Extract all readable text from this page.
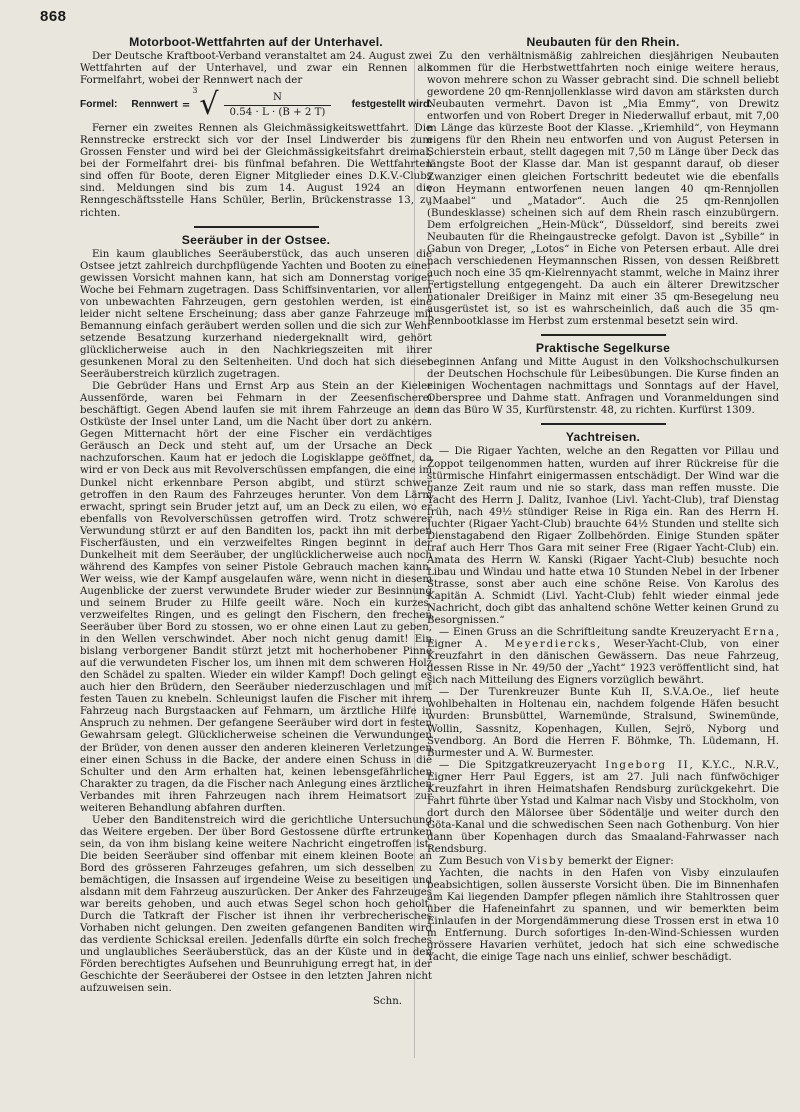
868
Motorboot-Wettfahrten auf der Unterhavel.

Der Deutsche Kraftboot-Verband veranstaltet am 24. August zwei Wettfahrten auf der Unterhavel, und zwar ein Rennen als Formelfahrt, wobei der Rennwert nach der

Formel: Rennwert =
3 √ $\frac{N}{0.54 \cdot L \cdot (B + 2 T)}$ festgestellt wird.

Ferner ein zweites Rennen als Gleichmässigkeitswettfahrt. Die Rennstrecke erstreckt sich vor der Insel Lindwerder bis zum Grossen Fenster und wird bei der Gleichmässigkeitsfahrt dreimal, bei der Formelfahrt drei- bis fünfmal befahren. Die Wettfahrten sind offen für Boote, deren Eigner Mitglieder eines D.K.V.-Clubs sind. Meldungen sind bis zum 14. August 1924 an die Renngeschäftsstelle Hans Schüler, Berlin, Brückenstrasse 13, zu richten.

Seeräuber in der Ostsee.

Ein kaum glaubliches Seeräuberstück, das auch unseren die Ostsee jetzt zahlreich durchpflügende Yachten und Booten zu einer gewissen Vorsicht mahnen kann, hat sich am Donnerstag voriger Woche bei Fehmarn zugetragen. Dass Schiffsinventarien, vor allem von unbewachten Fahrzeugen, gern gestohlen werden, ist eine leider nicht seltene Erscheinung; dass aber ganze Fahrzeuge mit Bemannung einfach geräubert werden sollen und die sich zur Wehr setzende Besatzung kurzerhand niedergeknallt wird, gehört glücklicherweise auch in den Nachkriegszeiten mit ihrer gesunkenen Moral zu den Seltenheiten. Und doch hat sich dieser Seeräuberstreich kürzlich zugetragen.

Die Gebrüder Hans und Ernst Arp aus Stein an der Kieler Aussenförde, waren bei Fehmarn in der Zeesenfischerei beschäftigt. Gegen Abend laufen sie mit ihrem Fahrzeuge an der Ostküste der Insel unter Land, um die Nacht über dort zu ankern. Gegen Mitternacht hört der eine Fischer ein verdächtiges Geräusch an Deck und steht auf, um der Ursache an Deck nachzuforschen. Kaum hat er jedoch die Logisklappe geöffnet, da wird er von Deck aus mit Revolverschüssen empfangen, die eine im Dunkel nicht erkennbare Person abgibt, und stürzt schwer getroffen in den Raum des Fahrzeuges herunter. Von dem Lärm erwacht, springt sein Bruder jetzt auf, um an Deck zu eilen, wo er ebenfalls von Revolverschüssen getroffen wird. Trotz schwerer Verwundung stürzt er auf den Banditen los, packt ihn mit derben Fischerfäusten, und ein verzweifeltes Ringen beginnt in der Dunkelheit mit dem Seeräuber, der unglücklicherweise auch noch während des Kampfes von seiner Pistole Gebrauch machen kann. Wer weiss, wie der Kampf ausgelaufen wäre, wenn nicht in diesem Augenblicke der zuerst verwundete Bruder wieder zur Besinnung und seinem Bruder zu Hilfe geeilt wäre. Noch ein kurzes, verzweifeltes Ringen, und es gelingt den Fischern, den frechen Seeräuber über Bord zu stossen, wo er ohne einen Laut zu geben, in den Wellen verschwindet. Aber noch nicht genug damit! Ein bislang verborgener Bandit stürzt jetzt mit hocherhobener Pinne auf die verwundeten Fischer los, um ihnen mit dem schweren Holz den Schädel zu spalten. Wieder ein wilder Kampf! Doch gelingt es auch hier den Brüdern, den Seeräuber niederzuschlagen und mit festen Tauen zu knebeln. Schleunigst laufen die Fischer mit ihrem Fahrzeug nach Burgstaacken auf Fehmarn, um ärztliche Hilfe in Anspruch zu nehmen. Der gefangene Seeräuber wird dort in festen Gewahrsam gelegt. Glücklicherweise scheinen die Verwundungen der Brüder, von denen ausser den anderen kleineren Verletzungen einer einen Schuss in die Backe, der andere einen Schuss in die Schulter und den Arm erhalten hat, keinen lebensgefährlichen Charakter zu tragen, da die Fischer nach Anlegung eines ärztlichen Verbandes mit ihren Fahrzeugen nach ihrem Heimatsort zur weiteren Behandlung abfahren durften.

Ueber den Banditenstreich wird die gerichtliche Untersuchung das Weitere ergeben. Der über Bord Gestossene dürfte ertrunken sein, da von ihm bislang keine weitere Nachricht eingetroffen ist. Die beiden Seeräuber sind offenbar mit einem kleinen Boote an Bord des grösseren Fahrzeuges gefahren, um sich desselben zu bemächtigen, die Insassen auf irgendeine Weise zu beseitigen und alsdann mit dem Fahrzeug auszurücken. Der Anker des Fahrzeuges war bereits gehoben, und auch etwas Segel schon hoch geholt. Durch die Tatkraft der Fischer ist ihnen ihr verbrecherisches Vorhaben nicht gelungen. Den zweiten gefangenen Banditen wird das verdiente Schicksal ereilen. Jedenfalls dürfte ein solch freches und unglaubliches Seeräuberstück, das an der Küste und in den Förden berechtigtes Aufsehen und Beunruhigung erregt hat, in der Geschichte der Seeräuberei der Ostsee in den letzten Jahren nicht aufzuweisen sein.

Schn.
Neubauten für den Rhein.

Zu den verhältnismäßig zahlreichen diesjährigen Neubauten kommen für die Herbstwettfahrten noch einige weitere heraus, wovon mehrere schon zu Wasser gebracht sind. Die schnell beliebt gewordene 20 qm-Rennjollenklasse wird davon am stärksten durch Neubauten vermehrt. Davon ist „Mia Emmy“, von Drewitz entworfen und von Robert Dreger in Niederwalluf erbaut, mit 7,00 m Länge das kürzeste Boot der Klasse. „Kriemhild“, von Heymann eigens für den Rhein neu entworfen und von August Petersen in Schierstein erbaut, stellt dagegen mit 7,50 m Länge über Deck das längste Boot der Klasse dar. Man ist gespannt darauf, ob dieser Zwanziger einen gleichen Fortschritt bedeutet wie die ebenfalls von Heymann entworfenen neuen langen 40 qm-Rennjollen „Maabel“ und „Matador“. Auch die 25 qm-Rennjollen (Bundesklasse) scheinen sich auf dem Rhein rasch einzubürgern. Dem erfolgreichen „Hein-Mück“, Düsseldorf, sind bereits zwei Neubauten für die Rheingaustrecke gefolgt. Davon ist „Sybille“ in Gabun von Dreger, „Lotos“ in Eiche von Petersen erbaut. Alle drei nach verschiedenen Heymannschen Rissen, von dessen Reißbrett auch noch eine 35 qm-Kielrennyacht stammt, welche in Mainz ihrer Fertigstellung entgegengeht. Da auch ein älterer Drewitzscher nationaler Dreißiger in Mainz mit einer 35 qm-Besegelung neu ausgerüstet ist, so ist es wahrscheinlich, daß auch die 35 qm-Rennbootklasse im Herbst zum erstenmal besetzt sein wird.

Praktische Segelkurse

beginnen Anfang und Mitte August in den Volkshochschulkursen der Deutschen Hochschule für Leibesübungen. Die Kurse finden an einigen Wochentagen nachmittags und Sonntags auf der Havel, Oberspree und Dahme statt. Anfragen und Voranmeldungen sind an das Büro W 35, Kurfürstenstr. 48, zu richten. Kurfürst 1309.

Yachtreisen.

— Die Rigaer Yachten, welche an den Regatten vor Pillau und Zoppot teilgenommen hatten, wurden auf ihrer Rückreise für die stürmische Hinfahrt einigermassen entschädigt. Der Wind war die ganze Zeit raum und nie so stark, dass man reffen musste. Die Yacht des Herrn J. Dalitz, Ivanhoe (Livl. Yacht-Club), traf Dienstag früh, nach 49½ stündiger Reise in Riga ein. Ran des Herrn H. Juchter (Rigaer Yacht-Club) brauchte 64½ Stunden und stellte sich Dienstagabend den Rigaer Zollbehörden. Einige Stunden später traf auch Herr Thos Gara mit seiner Free (Rigaer Yacht-Club) ein. Amata des Herrn W. Kanski (Rigaer Yacht-Club) besuchte noch Libau und Windau und hatte etwa 10 Stunden Nebel in der Irbener Strasse, sonst aber auch eine schöne Reise. Von Karolus des Kapitän A. Schmidt (Livl. Yacht-Club) fehlt wieder einmal jede Nachricht, doch gibt das anhaltend schöne Wetter keinen Grund zu Besorgnissen.“

— Einen Gruss an die Schriftleitung sandte Kreuzeryacht Erna, Eigner A. Meyerdiercks, Weser-Yacht-Club, von einer Kreuzfahrt in den dänischen Gewässern. Das neue Fahrzeug, dessen Risse in Nr. 49/50 der „Yacht“ 1923 veröffentlicht sind, hat sich nach Mitteilung des Eigners vorzüglich bewährt.

— Der Turenkreuzer Bunte Kuh II, S.V.A.Oe., lief heute wohlbehalten in Holtenau ein, nachdem folgende Häfen besucht wurden: Brunsbüttel, Warnemünde, Stralsund, Swinemünde, Wollin, Sassnitz, Kopenhagen, Kullen, Sejrö, Nyborg und Svendborg. An Bord die Herren F. Böhmke, Th. Lüdemann, H. Burmester und A. W. Burmester.

— Die Spitzgatkreuzeryacht Ingeborg II, K.Y.C., N.R.V., Eigner Herr Paul Eggers, ist am 27. Juli nach fünfwöchiger Kreuzfahrt in ihren Heimatshafen Rendsburg zurückgekehrt. Die Fahrt führte über Ystad und Kalmar nach Visby und Stockholm, von dort durch den Mälorsee über Södentälje und weiter durch den Göta-Kanal und die schwedischen Seen nach Gothenburg. Von hier dann über Kopenhagen durch das Smaaland-Fahrwasser nach Rendsburg.

Zum Besuch von Visby bemerkt der Eigner:

Yachten, die nachts in den Hafen von Visby einzulaufen beabsichtigen, sollen äusserste Vorsicht üben. Die im Binnenhafen am Kai liegenden Dampfer pflegen nämlich ihre Stahltrossen quer über die Hafeneinfahrt zu spannen, und wir bemerkten beim Einlaufen in der Morgendämmerung diese Trossen erst in etwa 10 m Entfernung. Durch sofortiges In-den-Wind-Schiessen wurden grössere Havarien verhütet, jedoch hat sich eine schwedische Yacht, die einige Tage nach uns einlief, schwer beschädigt.
